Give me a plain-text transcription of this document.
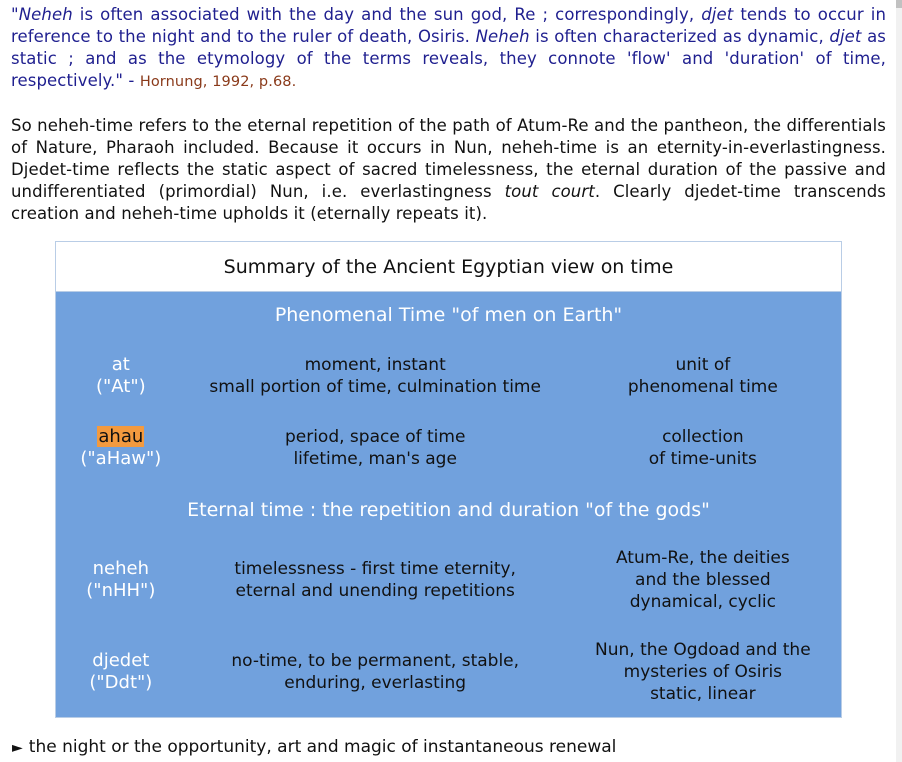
"Neheh is often associated with the day and the sun god, Re ; correspondingly, djet tends to occur in reference to the night and to the ruler of death, Osiris. Neheh is often characterized as dynamic, djet as static ; and as the etymology of the terms reveals, they connote 'flow' and 'duration' of time, respectively." - Hornung, 1992, p.68.

So neheh-time refers to the eternal repetition of the path of Atum-Re and the pantheon, the differentials of Nature, Pharaoh included. Because it occurs in Nun, neheh-time is an eternity-in-everlastingness. Djedet-time reflects the static aspect of sacred timelessness, the eternal duration of the passive and undifferentiated (primordial) Nun, i.e. everlastingness tout court. Clearly djedet-time transcends creation and neheh-time upholds it (eternally repeats it).

Summary of the Ancient Egyptian view on time
Phenomenal Time "of men on Earth"
at
("At")
moment, instant
small portion of time, culmination time
unit of
phenomenal time
ahau
("aHaw")
period, space of time
lifetime, man's age
collection
of time-units
Eternal time : the repetition and duration "of the gods"
neheh
("nHH")
timelessness - first time eternity,
eternal and unending repetitions
Atum-Re, the deities
and the blessed
dynamical, cyclic
djedet
("Ddt")
no-time, to be permanent, stable,
enduring, everlasting
Nun, the Ogdoad and the
mysteries of Osiris
static, linear
► the night or the opportunity, art and magic of instantaneous renewal
